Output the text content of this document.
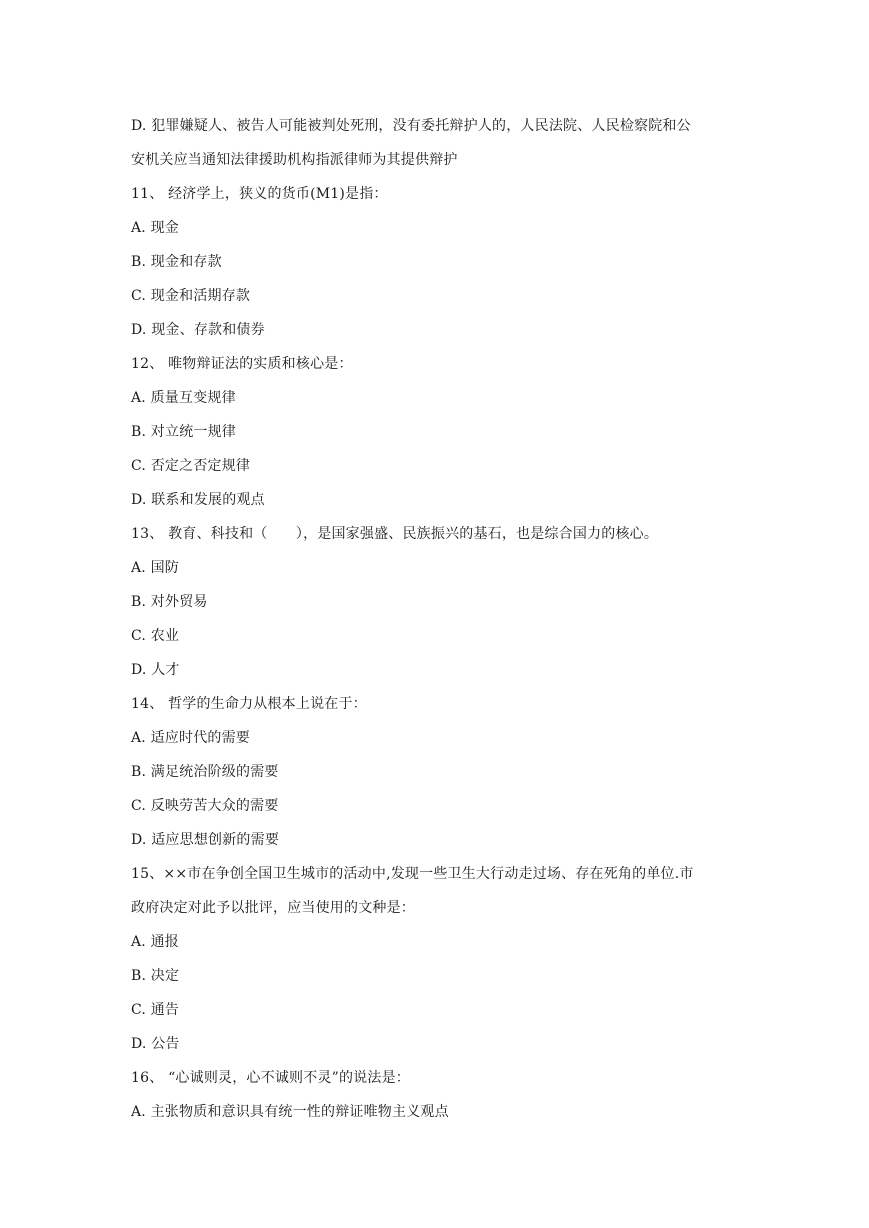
D. 犯罪嫌疑人、被告人可能被判处死刑，没有委托辩护人的，人民法院、人民检察院和公
安机关应当通知法律援助机构指派律师为其提供辩护
11、 经济学上，狭义的货币(M1)是指：
A. 现金
B. 现金和存款
C. 现金和活期存款
D. 现金、存款和债券
12、 唯物辩证法的实质和核心是：
A. 质量互变规律
B. 对立统一规律
C. 否定之否定规律
D. 联系和发展的观点
13、 教育、科技和（　　），是国家强盛、民族振兴的基石，也是综合国力的核心。
A. 国防
B. 对外贸易
C. 农业
D. 人才
14、 哲学的生命力从根本上说在于：
A. 适应时代的需要
B. 满足统治阶级的需要
C. 反映劳苦大众的需要
D. 适应思想创新的需要
15、××市在争创全国卫生城市的活动中,发现一些卫生大行动走过场、存在死角的单位.市
政府决定对此予以批评，应当使用的文种是：
A. 通报
B. 决定
C. 通告
D. 公告
16、 “心诚则灵，心不诚则不灵”的说法是：
A. 主张物质和意识具有统一性的辩证唯物主义观点
